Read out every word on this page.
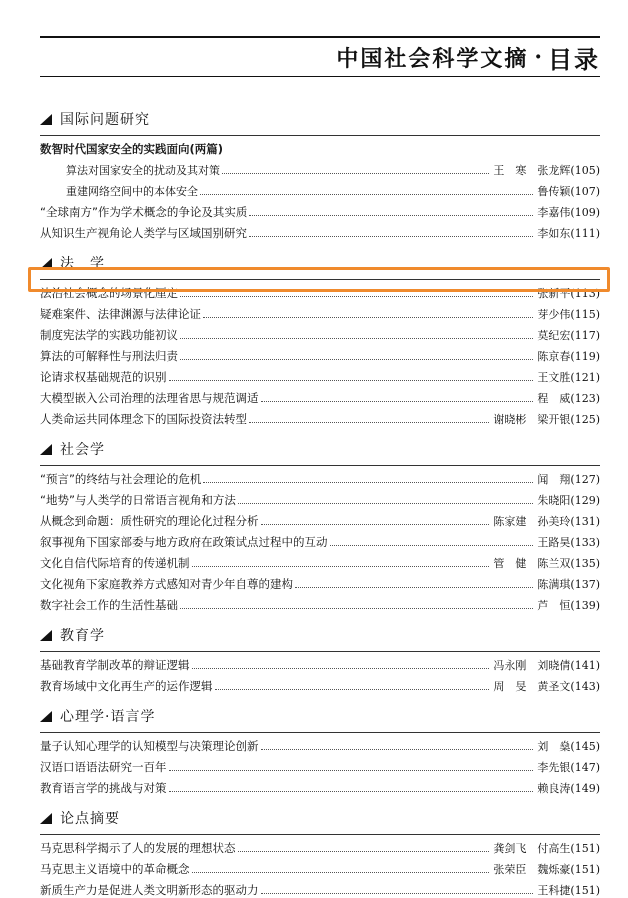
中国社会科学文摘 · 目录
国际问题研究
数智时代国家安全的实践面向(两篇)
算法对国家安全的扰动及其对策	王　寒　张龙辉(105)
重建网络空间中的本体安全	鲁传颖(107)
“全球南方”作为学术概念的争论及其实质	李嘉伟(109)
从知识生产视角论人类学与区域国别研究	李如东(111)
法　学
法治社会概念的场景化厘定	张新平(113)
疑难案件、法律渊源与法律论证	芽少伟(115)
制度宪法学的实践功能初议	莫纪宏(117)
算法的可解释性与刑法归责	陈京春(119)
论请求权基础规范的识别	王文胜(121)
大模型嵌入公司治理的法理省思与规范调适	程　威(123)
人类命运共同体理念下的国际投资法转型	谢晓彬　梁开银(125)
社会学
“预言”的终结与社会理论的危机	闻　翔(127)
“地势”与人类学的日常语言视角和方法	朱晓阳(129)
从概念到命题：质性研究的理论化过程分析	陈家建　孙美玲(131)
叙事视角下国家部委与地方政府在政策试点过程中的互动	王路昊(133)
文化自信代际培育的传递机制	管　健　陈兰双(135)
文化视角下家庭教养方式感知对青少年自尊的建构	陈满琪(137)
数字社会工作的生活性基础	芦　恒(139)
教育学
基础教育学制改革的辩证逻辑	冯永刚　刘晓倩(141)
教育场域中文化再生产的运作逻辑	周　旻　黄圣文(143)
心理学·语言学
量子认知心理学的认知模型与决策理论创新	刘　燊(145)
汉语口语语法研究一百年	李先银(147)
教育语言学的挑战与对策	赖良涛(149)
论点摘要
马克思科学揭示了人的发展的理想状态	龚剑飞　付高生(151)
马克思主义语境中的革命概念	张荣臣　魏烁豪(151)
新质生产力是促进人类文明新形态的驱动力	王科捷(151)
